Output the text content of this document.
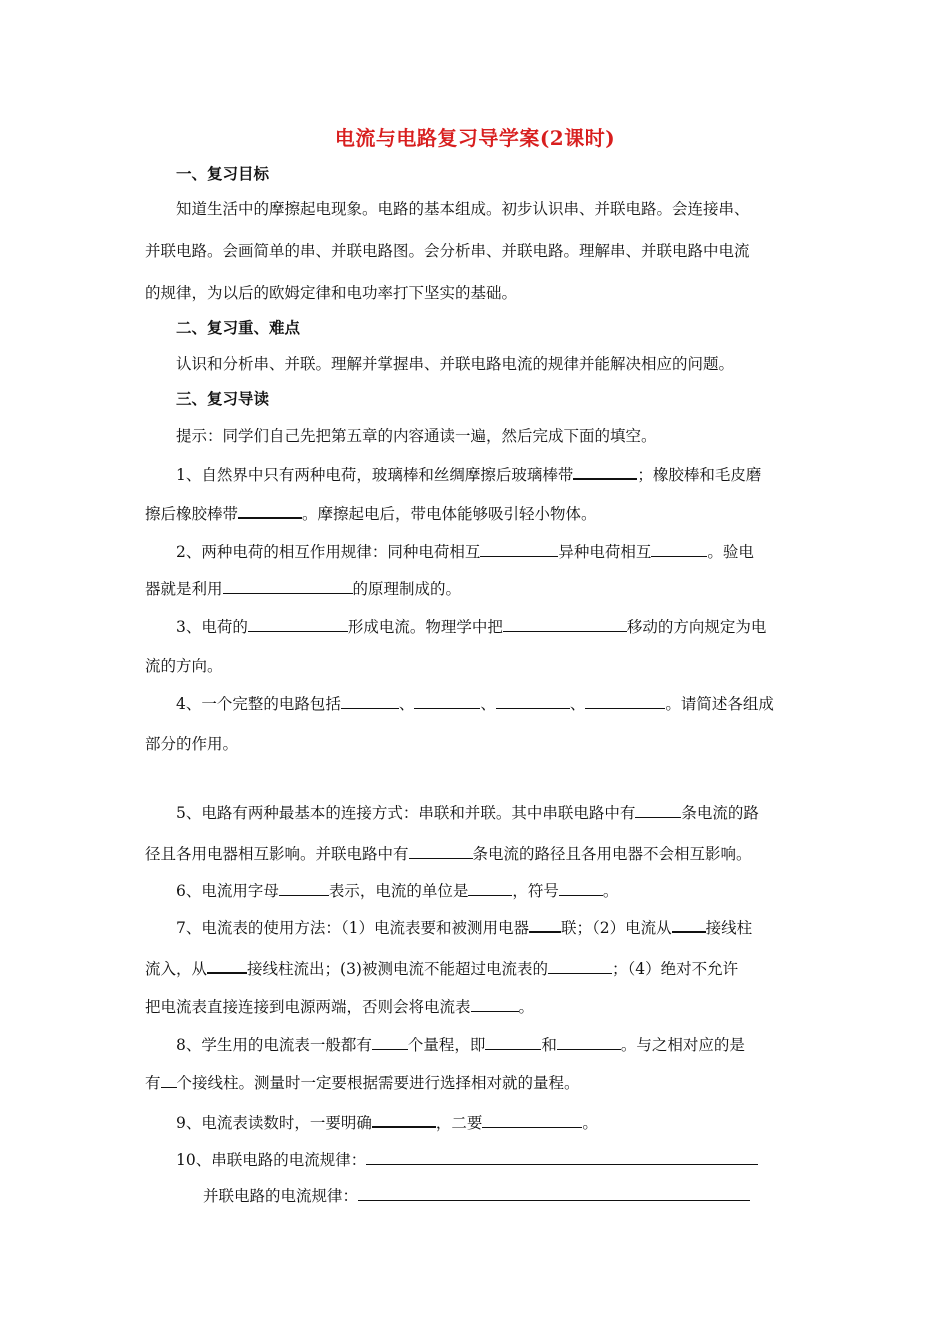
电流与电路复习导学案(2课时)
一、复习目标
知道生活中的摩擦起电现象。电路的基本组成。初步认识串、并联电路。会连接串、
并联电路。会画简单的串、并联电路图。会分析串、并联电路。理解串、并联电路中电流
的规律，为以后的欧姆定律和电功率打下坚实的基础。
二、复习重、难点
认识和分析串、并联。理解并掌握串、并联电路电流的规律并能解决相应的问题。
三、复习导读
提示：同学们自己先把第五章的内容通读一遍，然后完成下面的填空。
1、自然界中只有两种电荷，玻璃棒和丝绸摩擦后玻璃棒带	；橡胶棒和毛皮磨
擦后橡胶棒带	。摩擦起电后，带电体能够吸引轻小物体。
2、两种电荷的相互作用规律：同种电荷相互	异种电荷相互	。验电
器就是利用	的原理制成的。
3、电荷的	形成电流。物理学中把	移动的方向规定为电
流的方向。
4、一个完整的电路包括	、	、	、	。请简述各组成
部分的作用。
5、电路有两种最基本的连接方式：串联和并联。其中串联电路中有	条电流的路
径且各用电器相互影响。并联电路中有	条电流的路径且各用电器不会相互影响。
6、电流用字母	表示，电流的单位是	，符号	。
7、电流表的使用方法：（1）电流表要和被测用电器 联；（2）电流从 接线柱
流入，从	接线柱流出；(3)被测电流不能超过电流表的	；（4）绝对不允许
把电流表直接连接到电源两端，否则会将电流表	。
8、学生用的电流表一般都有 个量程，即	和	。与之相对应的是
有 个接线柱。测量时一定要根据需要进行选择相对就的量程。
9、电流表读数时，一要明确	，二要	。
10、串联电路的电流规律：
并联电路的电流规律：
